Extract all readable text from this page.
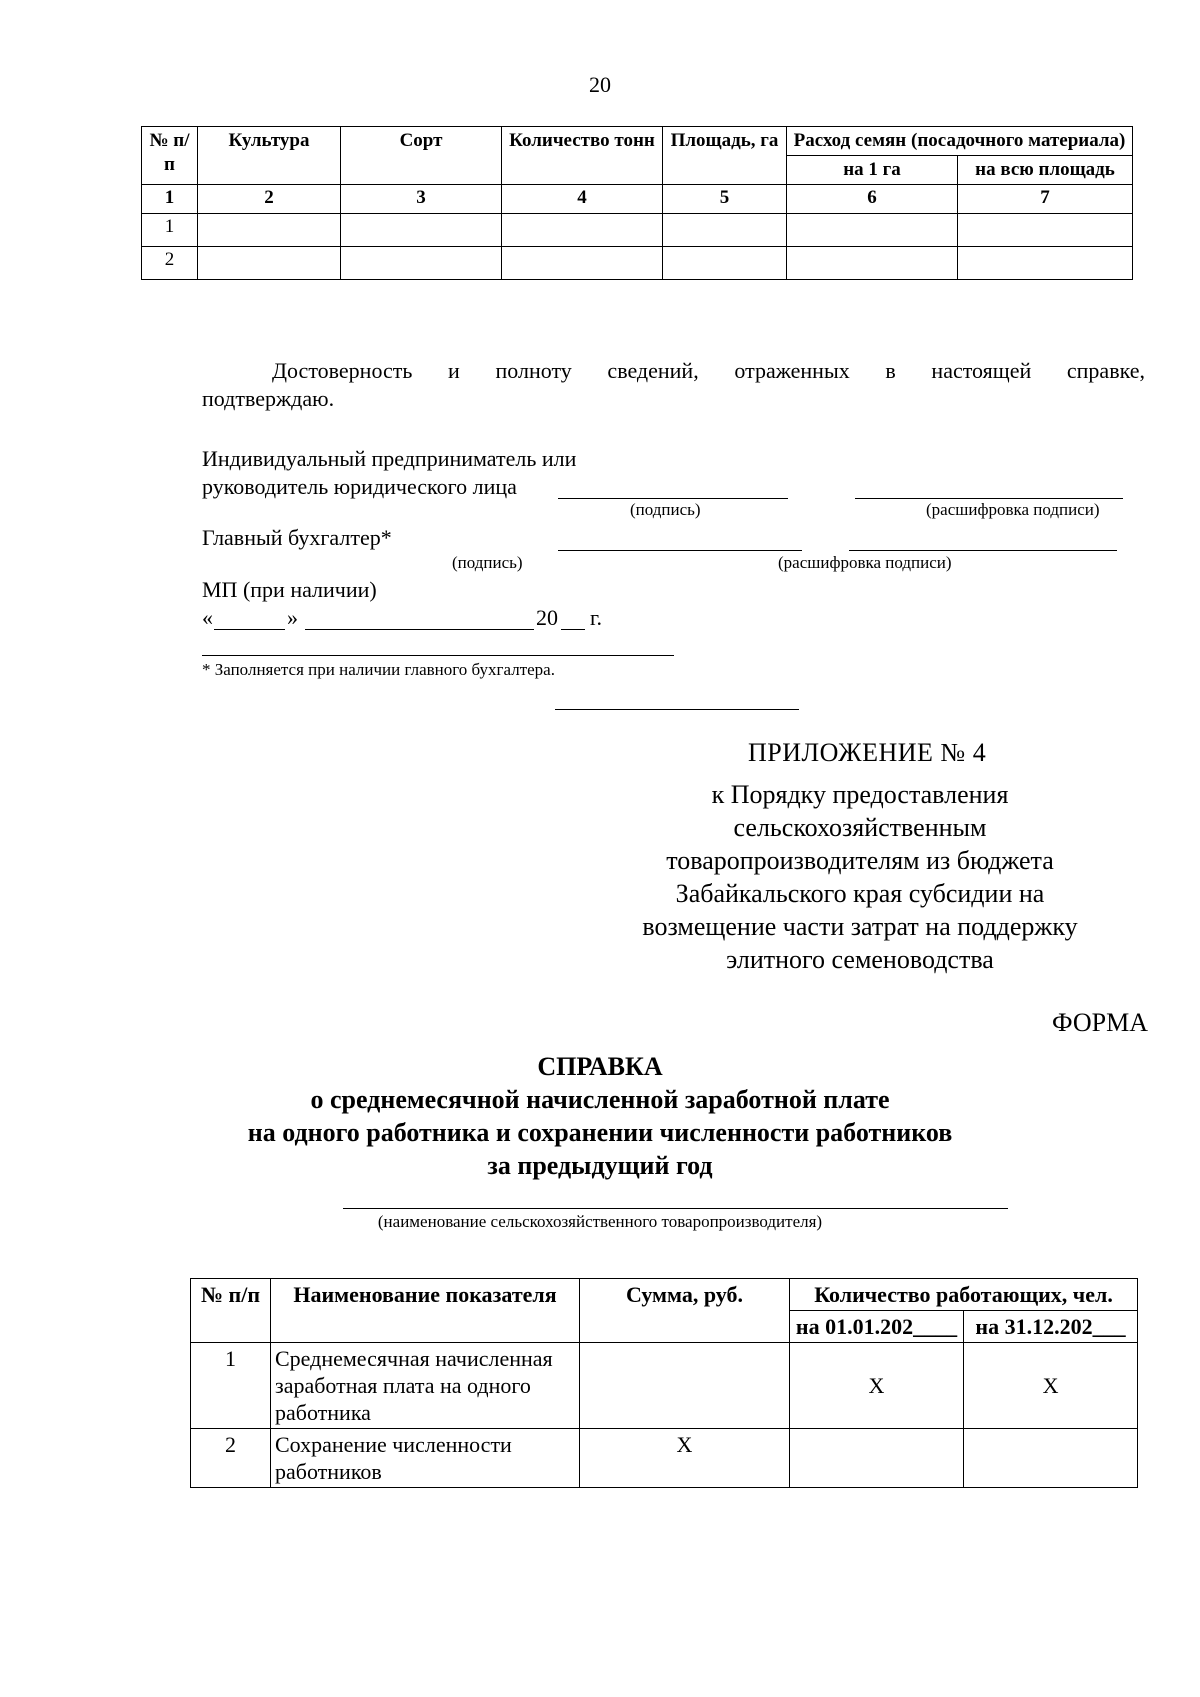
20
№ п/п	Культура	Сорт	Количество тонн	Площадь, га	Расход семян (посадочного материала)	
					на 1 га	на всю площадь
1	2	3	4	5	6	7
1						
2						
Достоверность и полноту сведений, отраженных в настоящей справке,
подтверждаю.
Индивидуальный предприниматель или
руководитель юридического лица
(подпись)	(расшифровка подписи)
Главный бухгалтер*
(подпись)	(расшифровка подписи)
МП (при наличии)
«	»	20 г.
* Заполняется при наличии главного бухгалтера.
ПРИЛОЖЕНИЕ № 4
к Порядку предоставления
сельскохозяйственным
товаропроизводителям из бюджета
Забайкальского края субсидии на
возмещение части затрат на поддержку
элитного семеноводства
ФОРМА
СПРАВКА
о среднемесячной начисленной заработной плате
на одного работника и сохранении численности работников
за предыдущий год
(наименование сельскохозяйственного товаропроизводителя)
№ п/п	Наименование показателя	Сумма, руб.	Количество работающих, чел.	
			на 01.01.202____	на 31.12.202___
1	Среднемесячная начисленная заработная плата на одного работника		Х	Х
2	Сохранение численности работников	Х		
